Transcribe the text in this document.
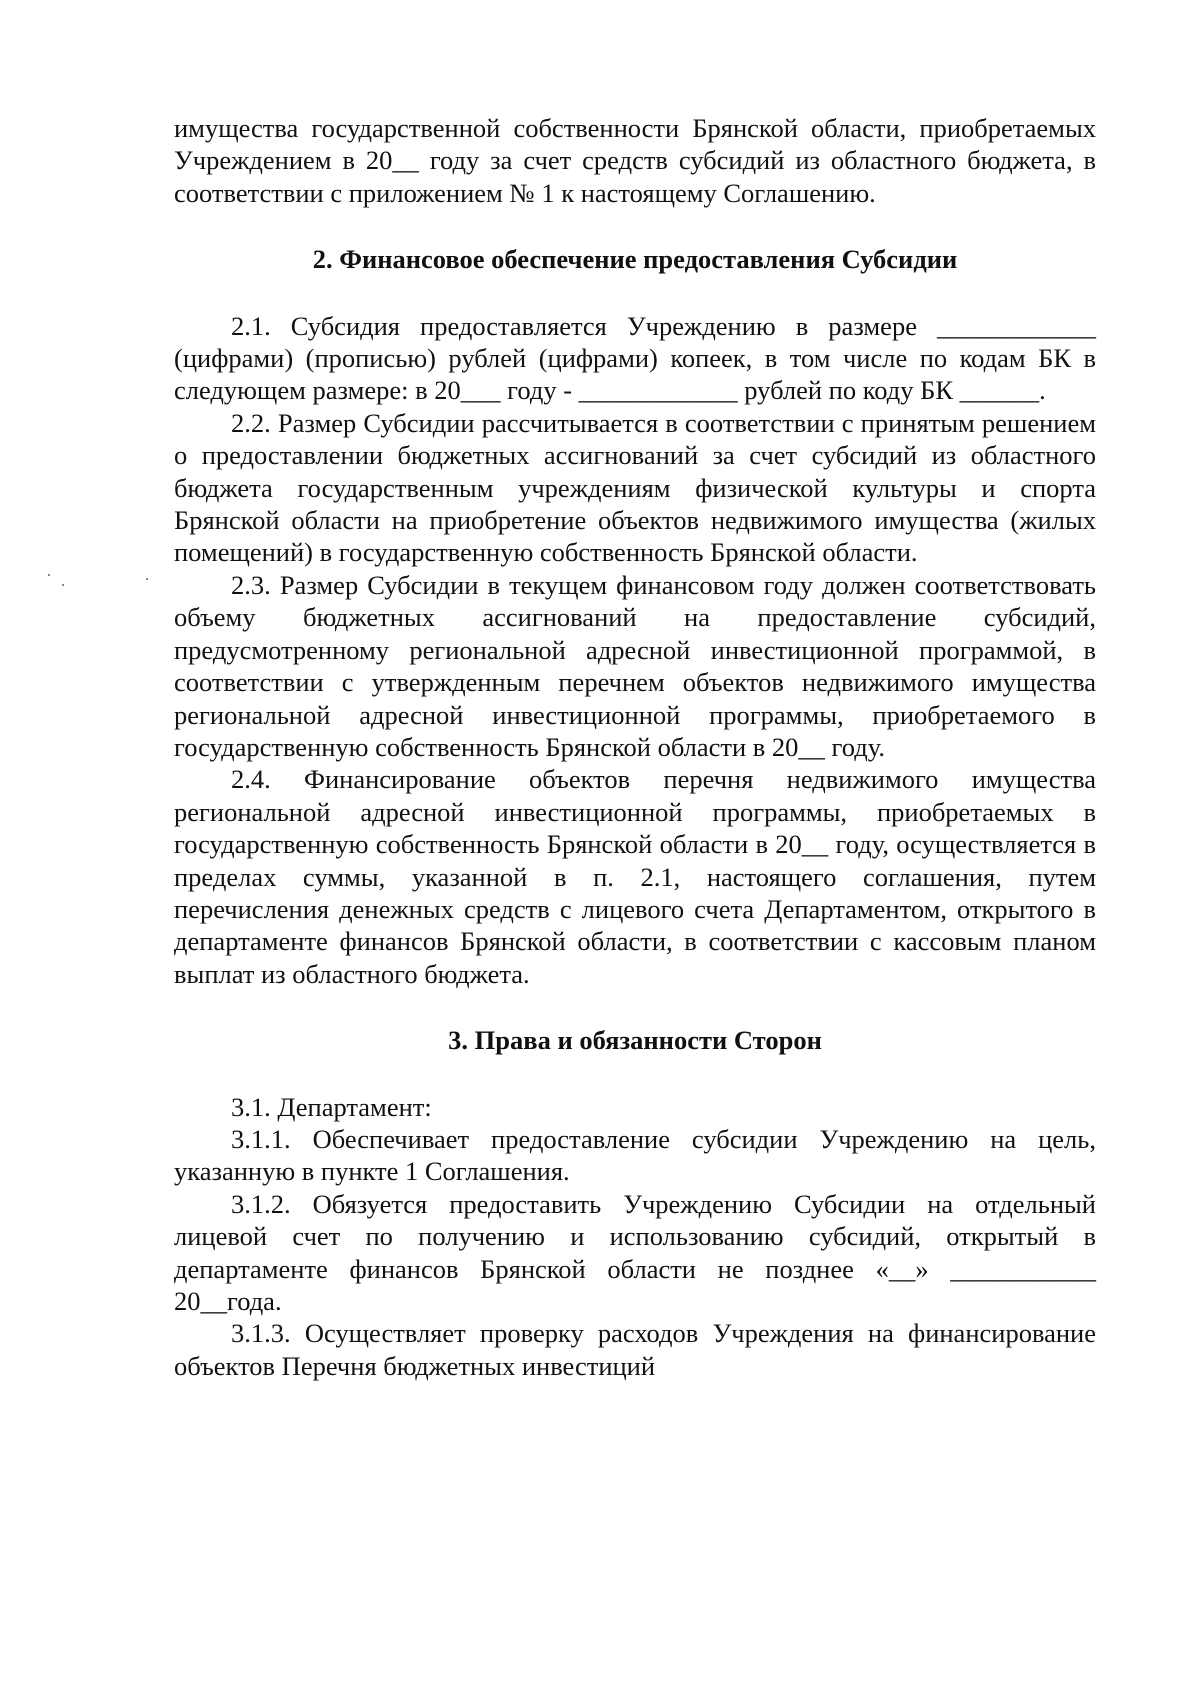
имущества государственной собственности Брянской области, приобретаемых Учреждением в 20__ году за счет средств субсидий из областного бюджета, в соответствии с приложением № 1 к настоящему Соглашению.

2. Финансовое обеспечение предоставления Субсидии

2.1. Субсидия предоставляется Учреждению в размере ____________ (цифрами) (прописью) рублей (цифрами) копеек, в том числе по кодам БК в следующем размере: в 20___ году - ____________ рублей по коду БК ______.

2.2. Размер Субсидии рассчитывается в соответствии с принятым решением о предоставлении бюджетных ассигнований за счет субсидий из областного бюджета государственным учреждениям физической культуры и спорта Брянской области на приобретение объектов недвижимого имущества (жилых помещений) в государственную собственность Брянской области.

2.3. Размер Субсидии в текущем финансовом году должен соответствовать объему бюджетных ассигнований на предоставление субсидий, предусмотренному региональной адресной инвестиционной программой, в соответствии с утвержденным перечнем объектов недвижимого имущества региональной адресной инвестиционной программы, приобретаемого в государственную собственность Брянской области в 20__ году.

2.4. Финансирование объектов перечня недвижимого имущества региональной адресной инвестиционной программы, приобретаемых в государственную собственность Брянской области в 20__ году, осуществляется в пределах суммы, указанной в п. 2.1, настоящего соглашения, путем перечисления денежных средств с лицевого счета Департаментом, открытого в департаменте финансов Брянской области, в соответствии с кассовым планом выплат из областного бюджета.

3. Права и обязанности Сторон

3.1. Департамент:

3.1.1. Обеспечивает предоставление субсидии Учреждению на цель, указанную в пункте 1 Соглашения.

3.1.2. Обязуется предоставить Учреждению Субсидии на отдельный лицевой счет по получению и использованию субсидий, открытый в департаменте финансов Брянской области не позднее «__» ___________ 20__года.

3.1.3. Осуществляет проверку расходов Учреждения на финансирование объектов Перечня бюджетных инвестиций
